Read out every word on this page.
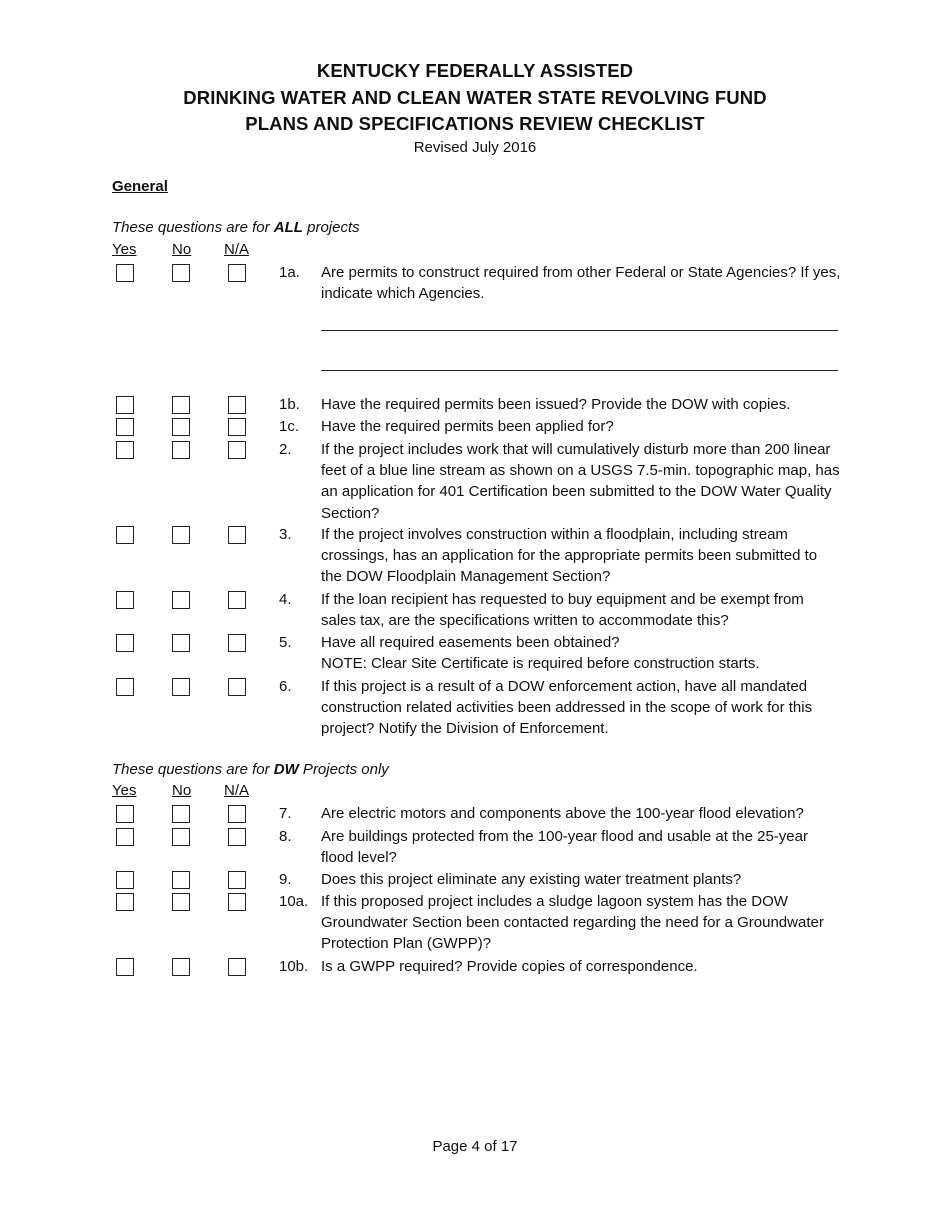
KENTUCKY FEDERALLY ASSISTED
DRINKING WATER AND CLEAN WATER STATE REVOLVING FUND
PLANS AND SPECIFICATIONS REVIEW CHECKLIST
Revised July 2016
General
These questions are for ALL projects
Yes No N/A
1a. Are permits to construct required from other Federal or State Agencies? If yes, indicate which Agencies.
1b. Have the required permits been issued? Provide the DOW with copies.
1c. Have the required permits been applied for?
2. If the project includes work that will cumulatively disturb more than 200 linear feet of a blue line stream as shown on a USGS 7.5-min. topographic map, has an application for 401 Certification been submitted to the DOW Water Quality Section?
3. If the project involves construction within a floodplain, including stream crossings, has an application for the appropriate permits been submitted to the DOW Floodplain Management Section?
4. If the loan recipient has requested to buy equipment and be exempt from sales tax, are the specifications written to accommodate this?
5. Have all required easements been obtained?

NOTE: Clear Site Certificate is required before construction starts.

6. If this project is a result of a DOW enforcement action, have all mandated construction related activities been addressed in the scope of work for this project? Notify the Division of Enforcement.
These questions are for DW Projects only
Yes No N/A
7. Are electric motors and components above the 100-year flood elevation?
8. Are buildings protected from the 100-year flood and usable at the 25-year flood level?
9. Does this project eliminate any existing water treatment plants?
10a. If this proposed project includes a sludge lagoon system has the DOW Groundwater Section been contacted regarding the need for a Groundwater Protection Plan (GWPP)?
10b. Is a GWPP required? Provide copies of correspondence.
Page 4 of 17
